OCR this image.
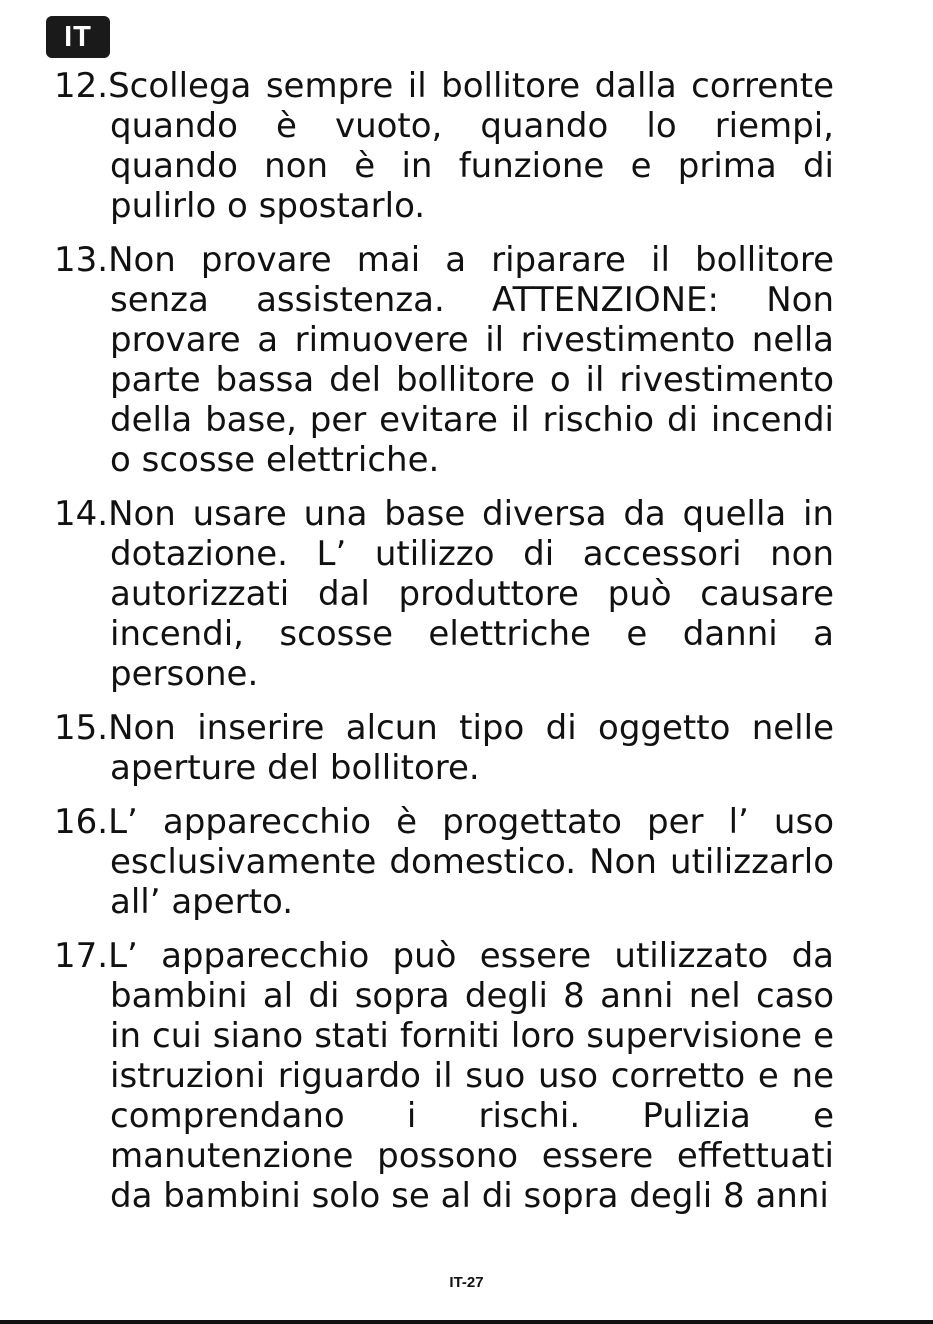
IT
12.Scollega sempre il bollitore dalla corrente
quando è vuoto, quando lo riempi,
quando non è in funzione e prima di
pulirlo o spostarlo.
13.Non provare mai a riparare il bollitore
senza assistenza. ATTENZIONE: Non
provare a rimuovere il rivestimento nella
parte bassa del bollitore o il rivestimento
della base, per evitare il rischio di incendi
o scosse elettriche.
14.Non usare una base diversa da quella in
dotazione. L’ utilizzo di accessori non
autorizzati dal produttore può causare
incendi, scosse elettriche e danni a
persone.
15.Non inserire alcun tipo di oggetto nelle
aperture del bollitore.
16.L’ apparecchio è progettato per l’ uso
esclusivamente domestico. Non utilizzarlo
all’ aperto.
17.L’ apparecchio può essere utilizzato da
bambini al di sopra degli 8 anni nel caso
in cui siano stati forniti loro supervisione e
istruzioni riguardo il suo uso corretto e ne
comprendano i rischi. Pulizia e
manutenzione possono essere effettuati
da bambini solo se al di sopra degli 8 anni
IT-27
